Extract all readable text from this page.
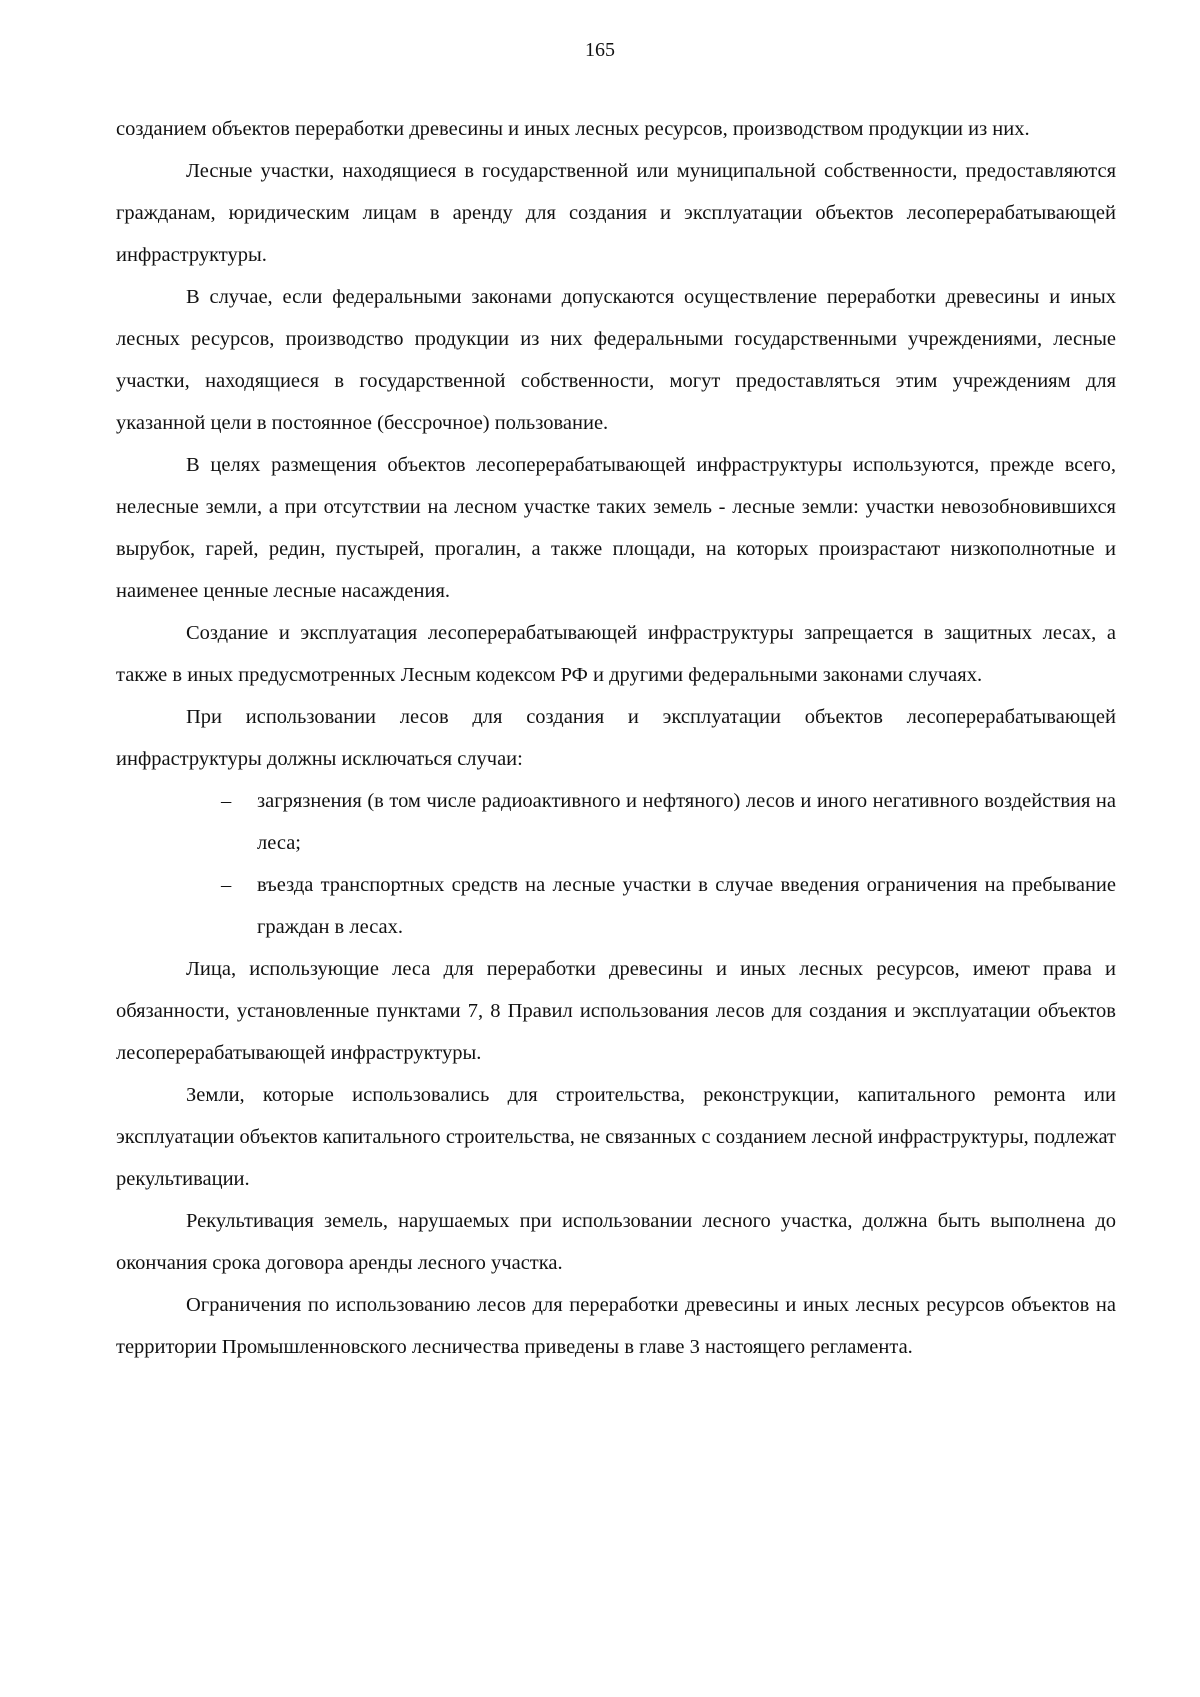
165

созданием объектов переработки древесины и иных лесных ресурсов, производством продукции из них.

Лесные участки, находящиеся в государственной или муниципальной собственности, предоставляются гражданам, юридическим лицам в аренду для создания и эксплуатации объектов лесоперерабатывающей инфраструктуры.

В случае, если федеральными законами допускаются осуществление переработки древесины и иных лесных ресурсов, производство продукции из них федеральными государственными учреждениями, лесные участки, находящиеся в государственной собственности, могут предоставляться этим учреждениям для указанной цели в постоянное (бессрочное) пользование.

В целях размещения объектов лесоперерабатывающей инфраструктуры используются, прежде всего, нелесные земли, а при отсутствии на лесном участке таких земель - лесные земли: участки невозобновившихся вырубок, гарей, редин, пустырей, прогалин, а также площади, на которых произрастают низкополнотные и наименее ценные лесные насаждения.

Создание и эксплуатация лесоперерабатывающей инфраструктуры запрещается в защитных лесах, а также в иных предусмотренных Лесным кодексом РФ и другими федеральными законами случаях.

При использовании лесов для создания и эксплуатации объектов лесоперерабатывающей инфраструктуры должны исключаться случаи:

– загрязнения (в том числе радиоактивного и нефтяного) лесов и иного негативного воздействия на леса;
– въезда транспортных средств на лесные участки в случае введения ограничения на пребывание граждан в лесах.

Лица, использующие леса для переработки древесины и иных лесных ресурсов, имеют права и обязанности, установленные пунктами 7, 8 Правил использования лесов для создания и эксплуатации объектов лесоперерабатывающей инфраструктуры.

Земли, которые использовались для строительства, реконструкции, капитального ремонта или эксплуатации объектов капитального строительства, не связанных с созданием лесной инфраструктуры, подлежат рекультивации.

Рекультивация земель, нарушаемых при использовании лесного участка, должна быть выполнена до окончания срока договора аренды лесного участка.

Ограничения по использованию лесов для переработки древесины и иных лесных ресурсов объектов на территории Промышленновского лесничества приведены в главе 3 настоящего регламента.
